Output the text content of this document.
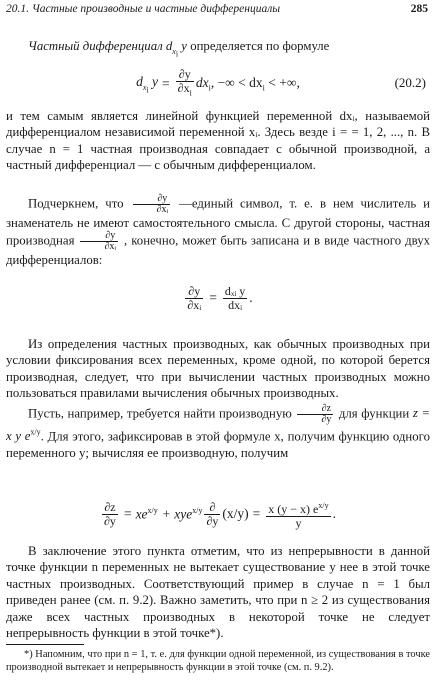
20.1. Частные производные и частные дифференциалы	285
Частный дифференциал $d_{x_i}$ y определяется по формуле
$d_{x_i}$ $y = \frac{\partial y}{\partial x_i} dx_i$ , −∞ < $dx_i$ < +∞,	(20.2)
и тем самым является линейной функцией переменной dxᵢ, называемой дифференциалом независимой переменной xᵢ. Здесь везде i = = 1, 2, ..., n. В случае n = 1 частная производная совпадает с обычной производной, а частный дифференциал — с обычным дифференциалом.
Подчеркнем, что $\frac{\partial y}{\text{∂xᵢ}}$ —единый символ, т. е. в нем числитель и знаменатель не имеют самостоятельного смысла. С другой стороны, частная производная $\frac{\partial y}{\text{∂xᵢ}}$ , конечно, может быть записана и в виде частного двух дифференциалов:
$\frac{\partial y}{\text{∂xᵢ}} = \frac{\text{dₓᵢ y}}{\text{dxᵢ}}$ .
Из определения частных производных, как обычных производных при условии фиксирования всех переменных, кроме одной, по которой берется производная, следует, что при вычислении частных производных можно пользоваться правилами вычисления обычных производных.
Пусть, например, требуется найти производную $\frac{\partial z}{\partial y}$ для функции z = x y $e^{x/y}$. Для этого, зафиксировав в этой формуле x, получим функцию одного переменного y; вычисляя ее производную, получим
$\frac{\partial z}{\partial y} = xe^{x/y} + xye^{x/y} \frac{\partial}{\partial y} (x/y) = \frac{x (y - x) e^{x/y}}{y}$ .
В заключение этого пункта отметим, что из непрерывности в данной точке функции n переменных не вытекает существование у нее в этой точке частных производных. Соответствующий пример в случае n = 1 был приведен ранее (см. п. 9.2). Важно заметить, что при n ≥ 2 из существования даже всех частных производных в некоторой точке не следует непрерывность функции в этой точке*).
*) Напомним, что при n = 1, т. е. для функции одной переменной, из существования в точке производной вытекает и непрерывность функции в этой точке (см. п. 9.2).
